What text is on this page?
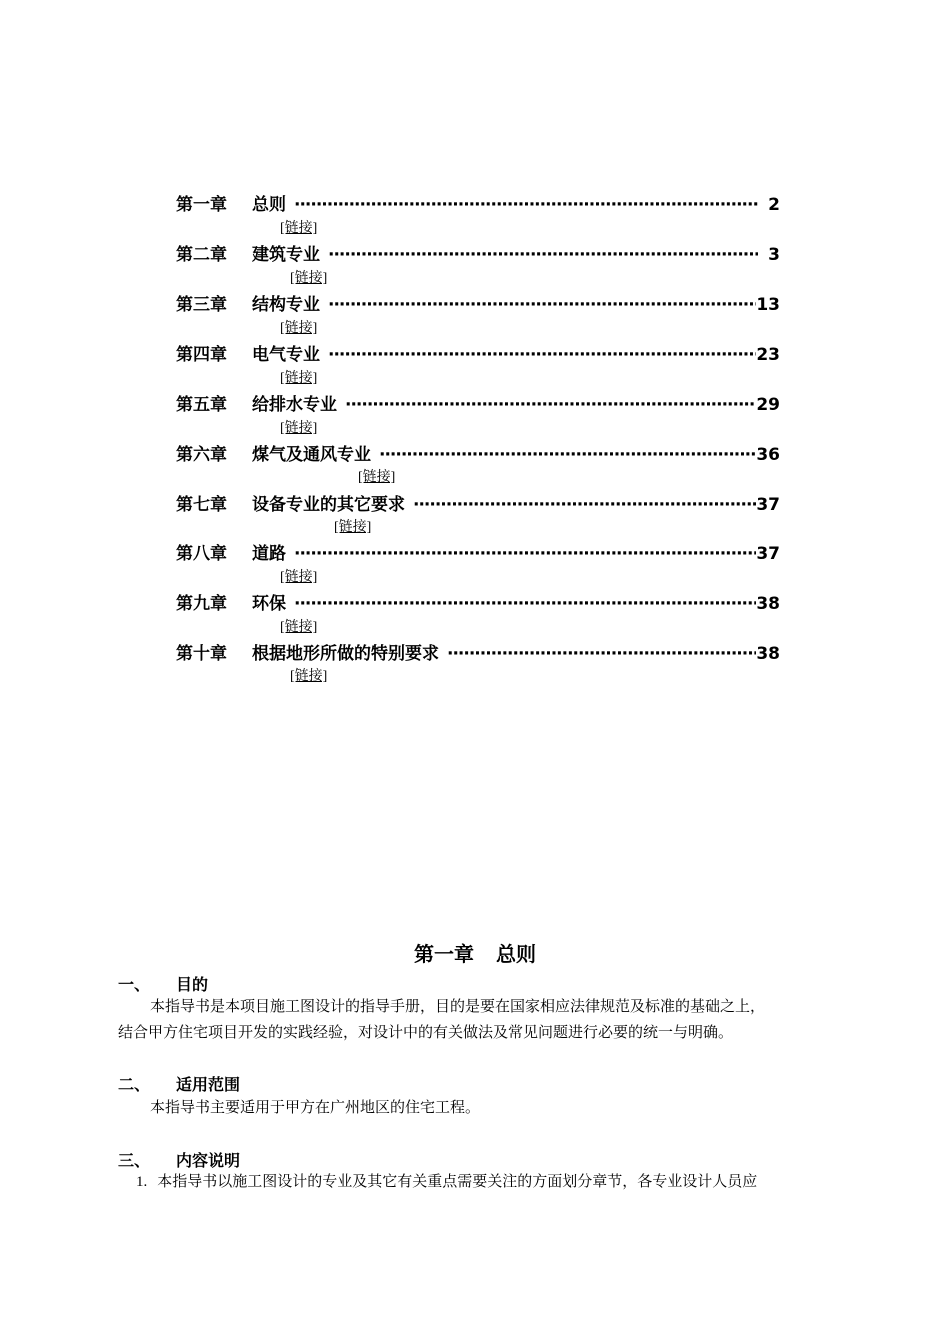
第一章	总则 ·····	2
[链接]
第二章	建筑专业 ·····	3
[链接]
第三章	结构专业 ·····	13
[链接]
第四章	电气专业 ·····	23
[链接]
第五章	给排水专业 ·····	29
[链接]
第六章	煤气及通风专业 ·····	36
[链接]
第七章	设备专业的其它要求 ·····	37
[链接]
第八章	道路 ·····	37
[链接]
第九章	环保 ·····	38
[链接]
第十章	根据地形所做的特别要求 ·····	38
[链接]
第一章 总则
一、 目的
本指导书是本项目施工图设计的指导手册，目的是要在国家相应法律规范及标准的基础之上，
结合甲方住宅项目开发的实践经验，对设计中的有关做法及常见问题进行必要的统一与明确。
二、 适用范围
本指导书主要适用于甲方在广州地区的住宅工程。
三、 内容说明
1. 本指导书以施工图设计的专业及其它有关重点需要关注的方面划分章节，各专业设计人员应
